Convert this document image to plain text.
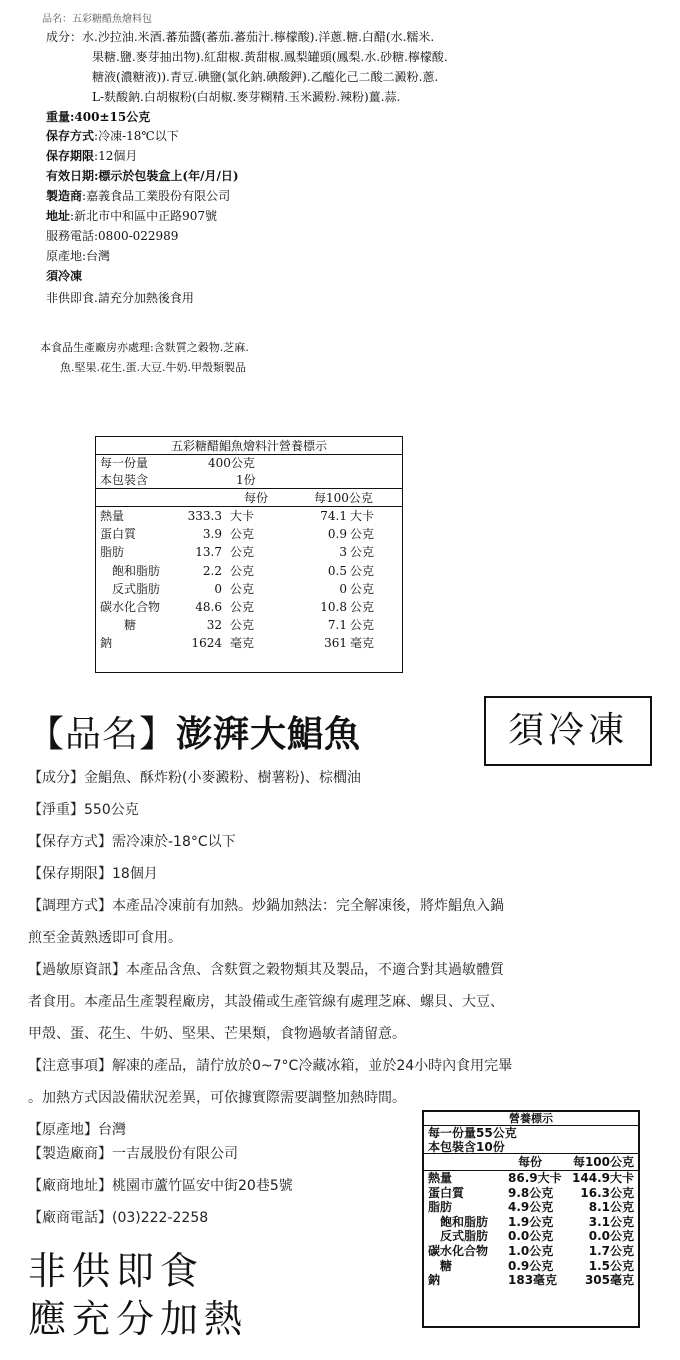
品名：五彩糖醋魚燴料包
成分：水.沙拉油.米酒.蕃茄醬(蕃茄.蕃茄汁.檸檬酸).洋蔥.糖.白醋(水.糯米.
果糖.鹽.麥芽抽出物).紅甜椒.黃甜椒.鳳梨罐頭(鳳梨.水.砂糖.檸檬酸.
糖液(濃糖液)).青豆.碘鹽(氯化鈉.碘酸鉀).乙醯化己二酸二澱粉.蔥.
L-麩酸鈉.白胡椒粉(白胡椒.麥芽糊精.玉米澱粉.辣粉)薑.蒜.
重量:400±15公克
保存方式:冷凍-18℃以下
保存期限:12個月
有效日期:標示於包裝盒上(年/月/日)
製造商:嘉義食品工業股份有限公司
地址:新北市中和區中正路907號
服務電話:0800-022989
原產地:台灣
須冷凍
非供即食.請充分加熱後食用
本食品生產廠房亦處理:含麩質之穀物.芝麻.
魚.堅果.花生.蛋.大豆.牛奶.甲殼類製品
五彩糖醋鯧魚燴料汁營養標示
每一份量	400公克
本包裝含	1份
每份	每100公克
熱量	333.3 大卡	74.1 大卡
蛋白質	3.9 公克	0.9 公克
脂肪	13.7 公克	3 公克
　飽和脂肪	2.2 公克	0.5 公克
　反式脂肪	0 公克	0 公克
碳水化合物	48.6 公克	10.8 公克
　　糖	32 公克	7.1 公克
鈉	1624 毫克	361 毫克
【品名】澎湃大鯧魚	須冷凍
【成分】金鯧魚、酥炸粉(小麥澱粉、樹薯粉)、棕櫚油
【淨重】550公克
【保存方式】需冷凍於-18°C以下
【保存期限】18個月
【調理方式】本產品冷凍前有加熱。炒鍋加熱法：完全解凍後，將炸鯧魚入鍋
煎至金黃熟透即可食用。
【過敏原資訊】本產品含魚、含麩質之穀物類其及製品，不適合對其過敏體質
者食用。本產品生產製程廠房，其設備或生產管線有處理芝麻、螺貝、大豆、
甲殼、蛋、花生、牛奶、堅果、芒果類，食物過敏者請留意。
【注意事項】解凍的產品，請佇放於0~7°C冷藏冰箱，並於24小時內食用完畢
。加熱方式因設備狀況差異，可依據實際需要調整加熱時間。
【原產地】台灣
【製造廠商】一吉晟股份有限公司
【廠商地址】桃園市蘆竹區安中街20巷5號
【廠商電話】(03)222-2258
非供即食
應充分加熱
營養標示
每一份量55公克
本包裝含10份
每份	每100公克
熱量	86.9大卡 144.9大卡
蛋白質	9.8公克 16.3公克
脂肪	4.9公克	8.1公克
　飽和脂肪 1.9公克	3.1公克
　反式脂肪 0.0公克	0.0公克
碳水化合物 1.0公克	1.7公克
　糖	0.9公克	1.5公克
鈉	183毫克 305毫克
